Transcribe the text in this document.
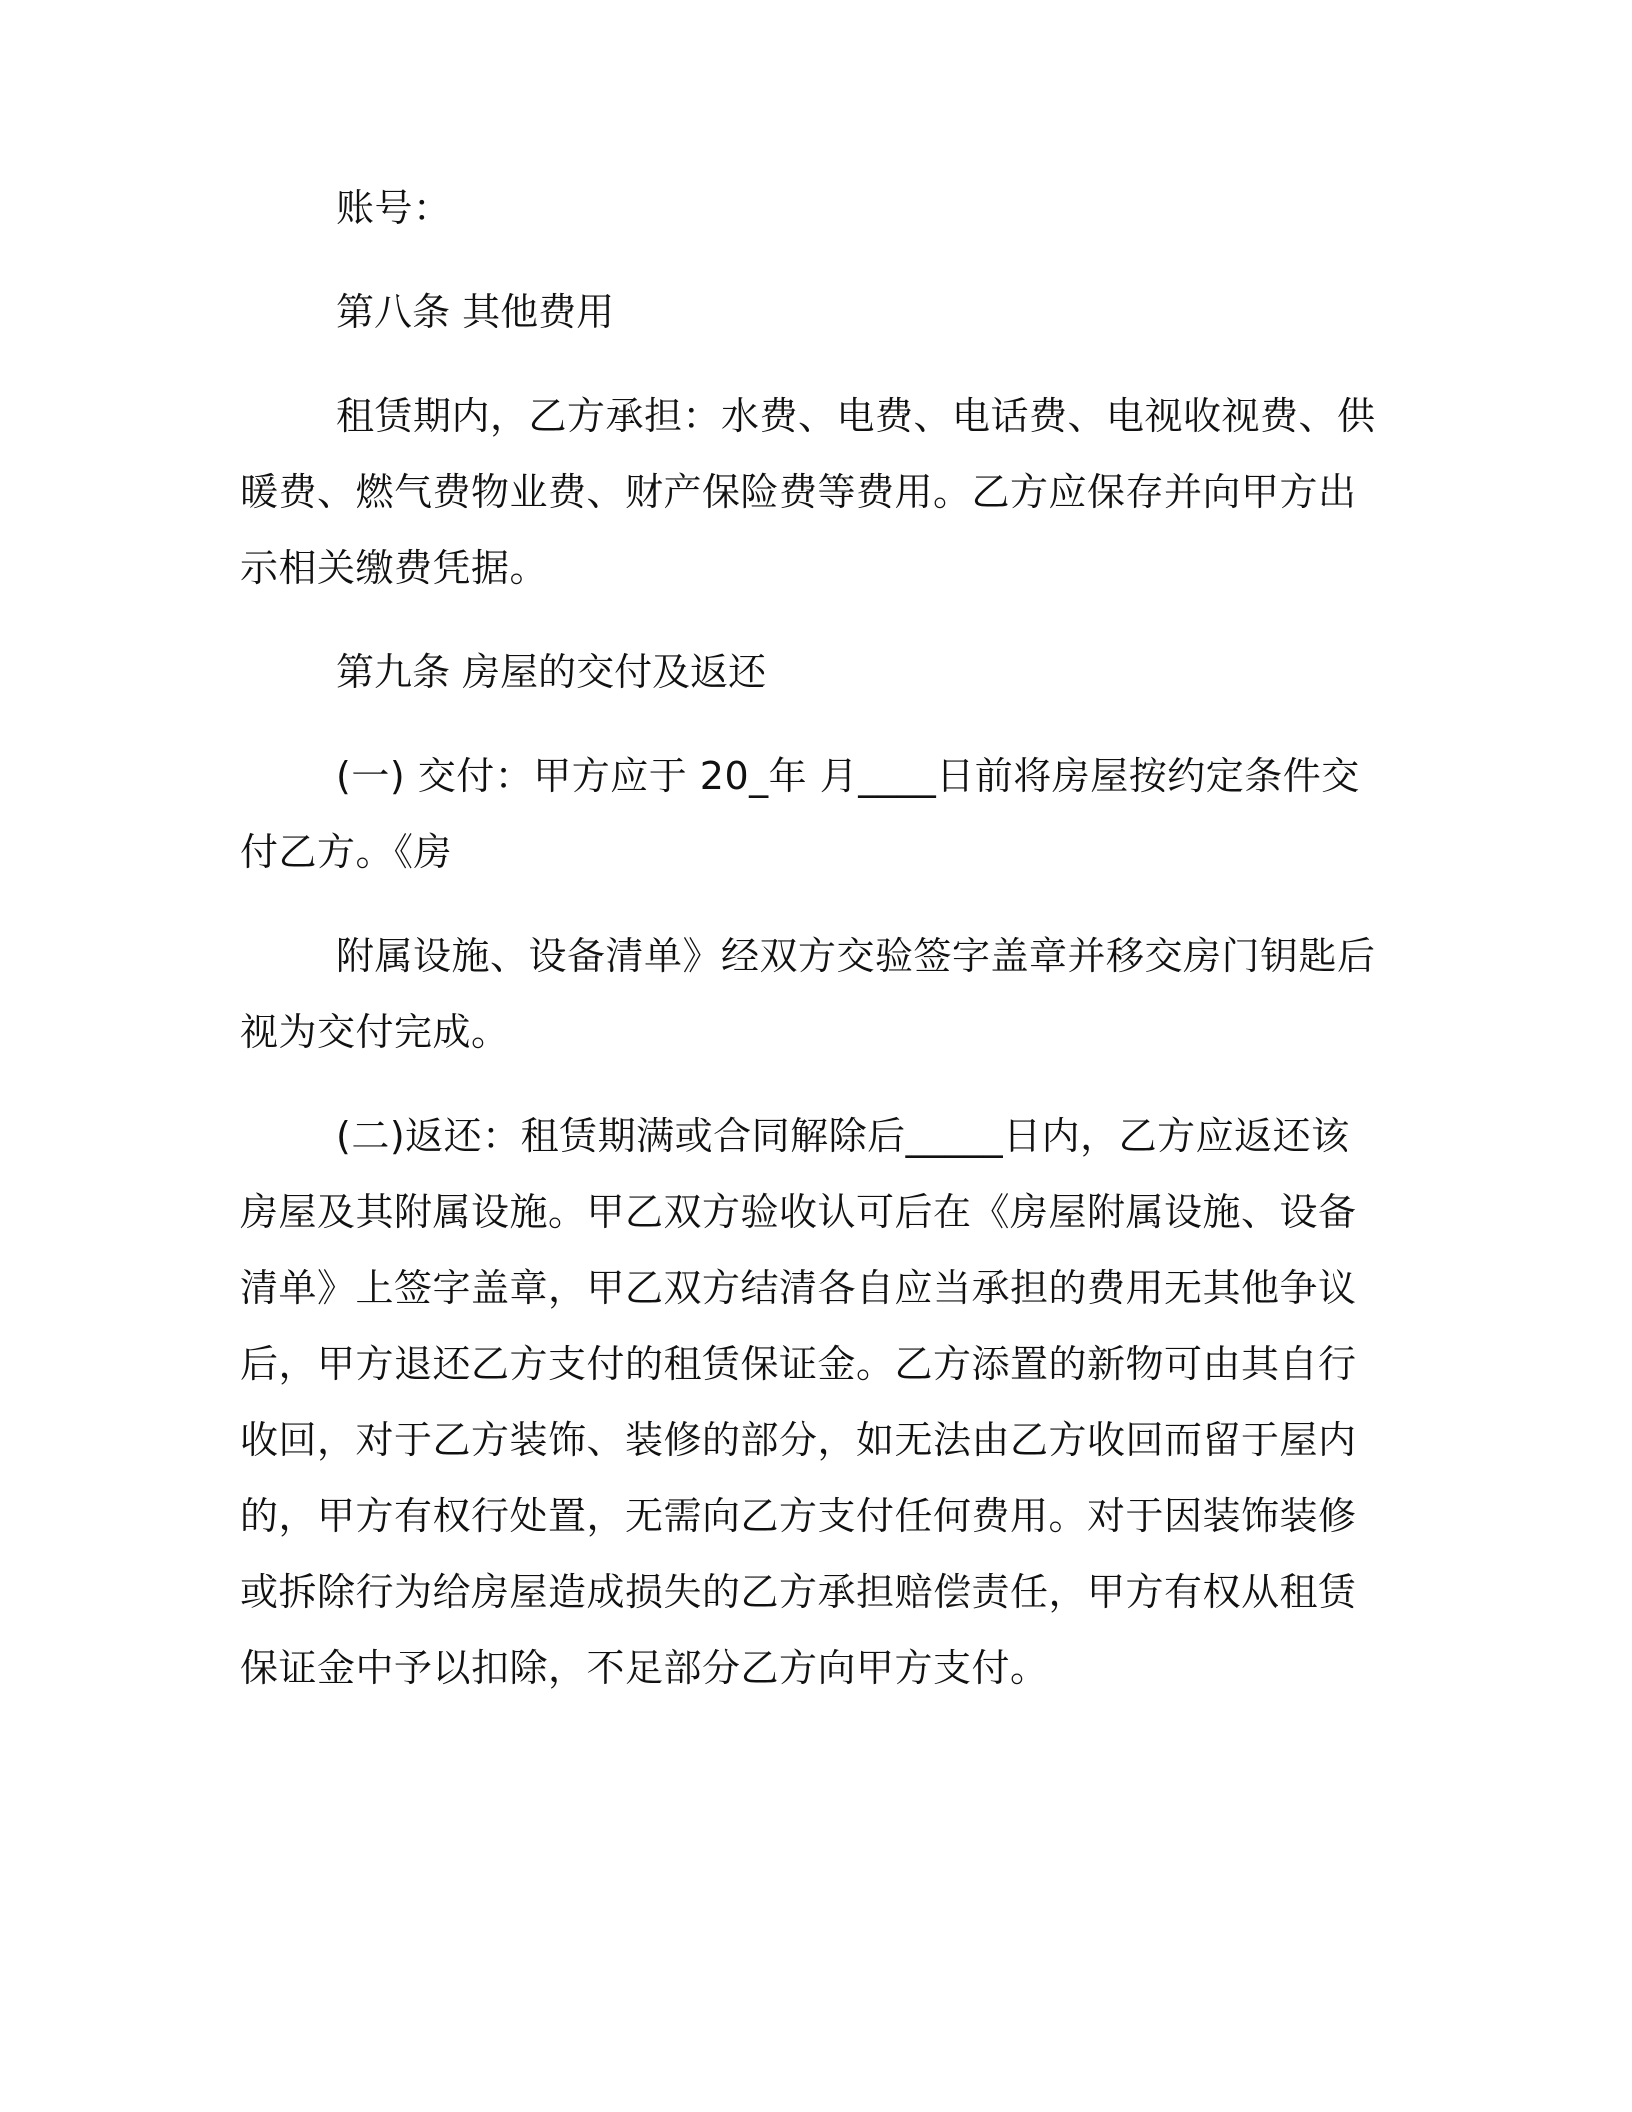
账号：

第八条 其他费用

租赁期内，乙方承担：水费、电费、电话费、电视收视费、供暖费、燃气费物业费、财产保险费等费用。乙方应保存并向甲方出示相关缴费凭据。

第九条 房屋的交付及返还

(一) 交付：甲方应于 20_年 月____日前将房屋按约定条件交付乙方。《房

附属设施、设备清单》经双方交验签字盖章并移交房门钥匙后视为交付完成。

(二)返还：租赁期满或合同解除后_____日内，乙方应返还该房屋及其附属设施。甲乙双方验收认可后在《房屋附属设施、设备清单》上签字盖章，甲乙双方结清各自应当承担的费用无其他争议后，甲方退还乙方支付的租赁保证金。乙方添置的新物可由其自行收回，对于乙方装饰、装修的部分，如无法由乙方收回而留于屋内的，甲方有权行处置，无需向乙方支付任何费用。对于因装饰装修或拆除行为给房屋造成损失的乙方承担赔偿责任，甲方有权从租赁保证金中予以扣除，不足部分乙方向甲方支付。
